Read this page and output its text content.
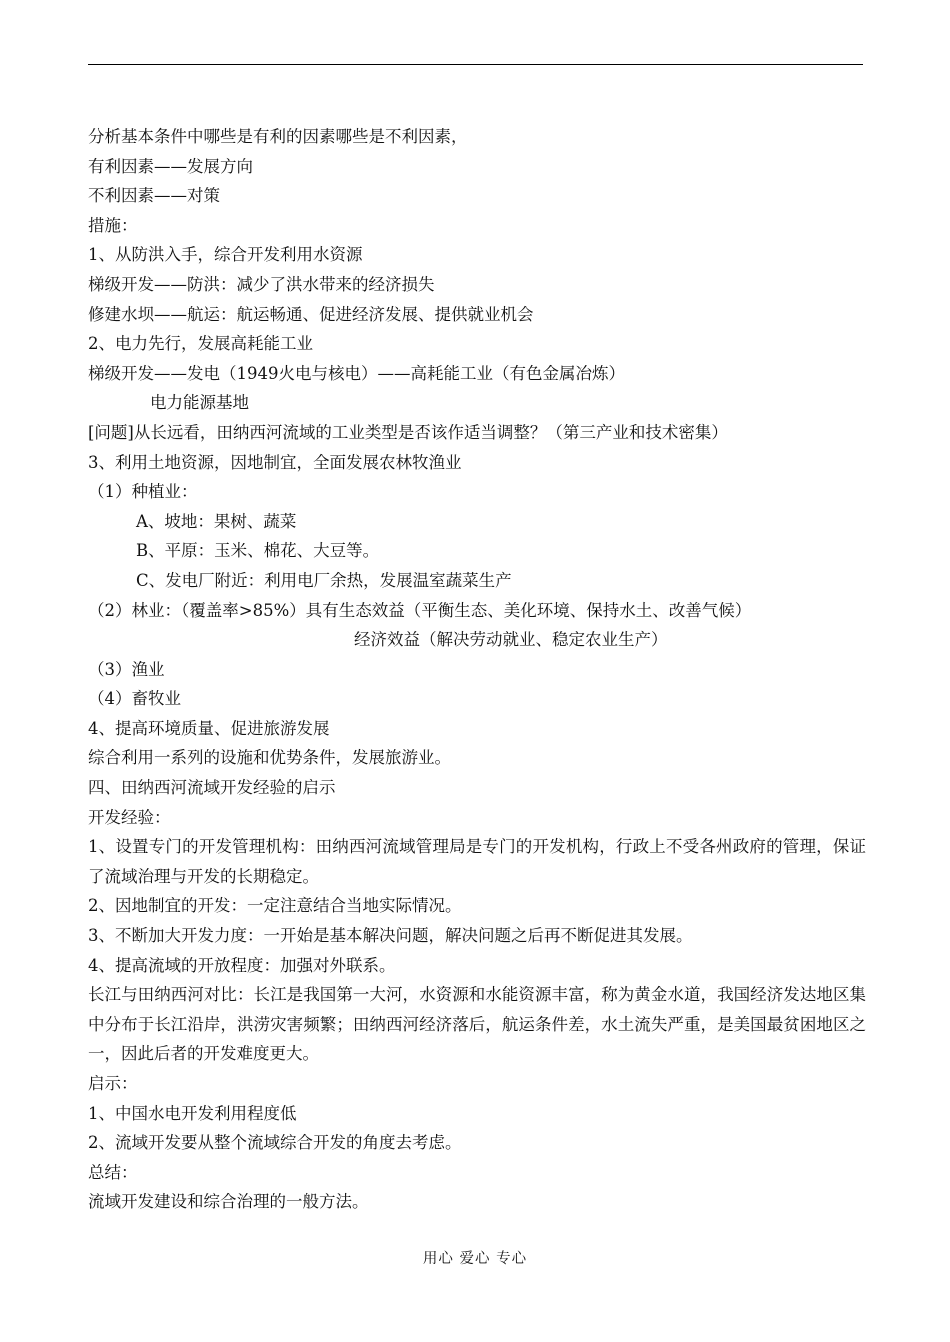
分析基本条件中哪些是有利的因素哪些是不利因素，
有利因素——发展方向
不利因素——对策
措施：
1、从防洪入手，综合开发利用水资源
梯级开发——防洪：减少了洪水带来的经济损失
修建水坝——航运：航运畅通、促进经济发展、提供就业机会
2、电力先行，发展高耗能工业
梯级开发——发电（1949火电与核电）——高耗能工业（有色金属冶炼）
电力能源基地
[问题]从长远看，田纳西河流域的工业类型是否该作适当调整？（第三产业和技术密集）
3、利用土地资源，因地制宜，全面发展农林牧渔业
（1）种植业：
A、坡地：果树、蔬菜
B、平原：玉米、棉花、大豆等。
C、发电厂附近：利用电厂余热，发展温室蔬菜生产
（2）林业：（覆盖率>85%）具有生态效益（平衡生态、美化环境、保持水土、改善气候）
经济效益（解决劳动就业、稳定农业生产）
（3）渔业
（4）畜牧业
4、提高环境质量、促进旅游发展
综合利用一系列的设施和优势条件，发展旅游业。
四、田纳西河流域开发经验的启示
开发经验：
1、设置专门的开发管理机构：田纳西河流域管理局是专门的开发机构，行政上不受各州政府的管理，保证了流域治理与开发的长期稳定。
2、因地制宜的开发：一定注意结合当地实际情况。
3、不断加大开发力度：一开始是基本解决问题，解决问题之后再不断促进其发展。
4、提高流域的开放程度：加强对外联系。
长江与田纳西河对比：长江是我国第一大河，水资源和水能资源丰富，称为黄金水道，我国经济发达地区集中分布于长江沿岸，洪涝灾害频繁；田纳西河经济落后，航运条件差，水土流失严重，是美国最贫困地区之一，因此后者的开发难度更大。
启示：
1、中国水电开发利用程度低
2、流域开发要从整个流域综合开发的角度去考虑。
总结：
流域开发建设和综合治理的一般方法。
用心 爱心 专心
